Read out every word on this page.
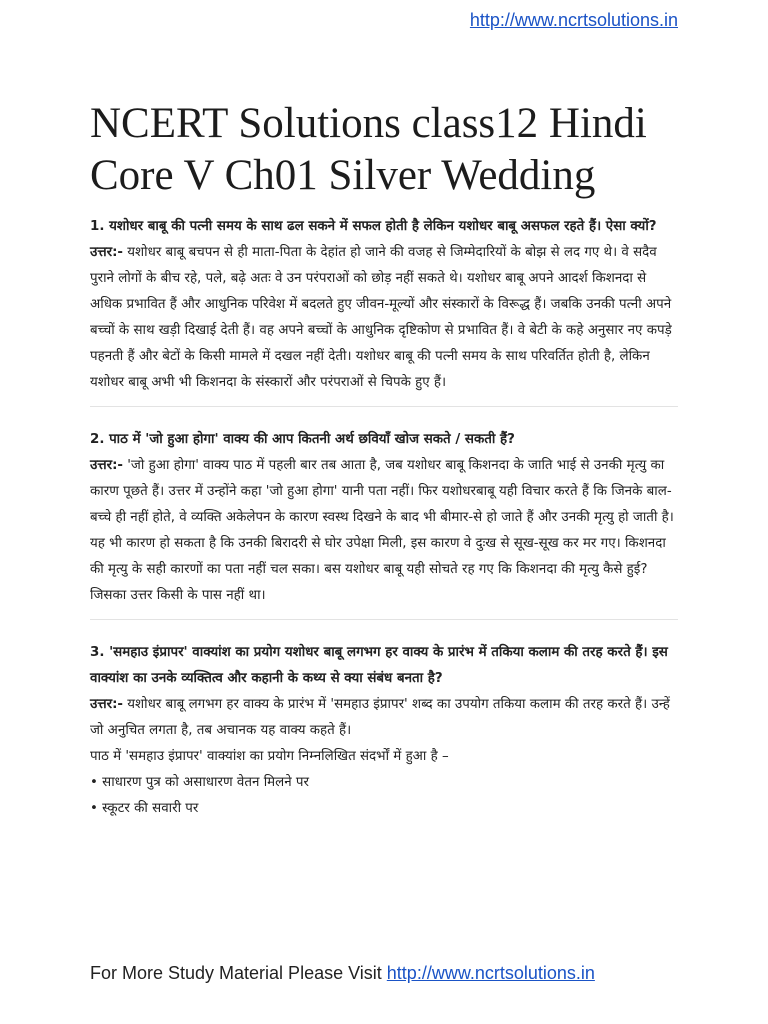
http://www.ncrtsolutions.in
NCERT Solutions class12 Hindi Core V Ch01 Silver Wedding
1. यशोधर बाबू की पत्नी समय के साथ ढल सकने में सफल होती है लेकिन यशोधर बाबू असफल रहते हैं। ऐसा क्यों?
उत्तर:- यशोधर बाबू बचपन से ही माता-पिता के देहांत हो जाने की वजह से जिम्मेदारियों के बोझ से लद गए थे। वे सदैव पुराने लोगों के बीच रहे, पले, बढ़े अतः वे उन परंपराओं को छोड़ नहीं सकते थे। यशोधर बाबू अपने आदर्श किशनदा से अधिक प्रभावित हैं और आधुनिक परिवेश में बदलते हुए जीवन-मूल्यों और संस्कारों के विरूद्ध हैं। जबकि उनकी पत्नी अपने बच्चों के साथ खड़ी दिखाई देती हैं। वह अपने बच्चों के आधुनिक दृष्टिकोण से प्रभावित हैं। वे बेटी के कहे अनुसार नए कपड़े पहनती हैं और बेटों के किसी मामले में दखल नहीं देती। यशोधर बाबू की पत्नी समय के साथ परिवर्तित होती है, लेकिन यशोधर बाबू अभी भी किशनदा के संस्कारों और परंपराओं से चिपके हुए हैं।
2. पाठ में 'जो हुआ होगा' वाक्य की आप कितनी अर्थ छवियाँ खोज सकते / सकती हैं?
उत्तर:- 'जो हुआ होगा' वाक्य पाठ में पहली बार तब आता है, जब यशोधर बाबू किशनदा के जाति भाई से उनकी मृत्यु का कारण पूछते हैं। उत्तर में उन्होंने कहा 'जो हुआ होगा' यानी पता नहीं। फिर यशोधरबाबू यही विचार करते हैं कि जिनके बाल-बच्चे ही नहीं होते, वे व्यक्ति अकेलेपन के कारण स्वस्थ दिखने के बाद भी बीमार-से हो जाते हैं और उनकी मृत्यु हो जाती है। यह भी कारण हो सकता है कि उनकी बिरादरी से घोर उपेक्षा मिली, इस कारण वे दुःख से सूख-सूख कर मर गए। किशनदा की मृत्यु के सही कारणों का पता नहीं चल सका। बस यशोधर बाबू यही सोचते रह गए कि किशनदा की मृत्यु कैसे हुई? जिसका उत्तर किसी के पास नहीं था।
3. 'समहाउ इंप्रापर' वाक्यांश का प्रयोग यशोधर बाबू लगभग हर वाक्य के प्रारंभ में तकिया कलाम की तरह करते हैं। इस वाक्यांश का उनके व्यक्तित्व और कहानी के कथ्य से क्या संबंध बनता है?
उत्तर:- यशोधर बाबू लगभग हर वाक्य के प्रारंभ में 'समहाउ इंप्रापर' शब्द का उपयोग तकिया कलाम की तरह करते हैं। उन्हें जो अनुचित लगता है, तब अचानक यह वाक्य कहते हैं।
पाठ में 'समहाउ इंप्रापर' वाक्यांश का प्रयोग निम्नलिखित संदर्भों में हुआ है –
• साधारण पुत्र को असाधारण वेतन मिलने पर
• स्कूटर की सवारी पर
For More Study Material Please Visit http://www.ncrtsolutions.in
